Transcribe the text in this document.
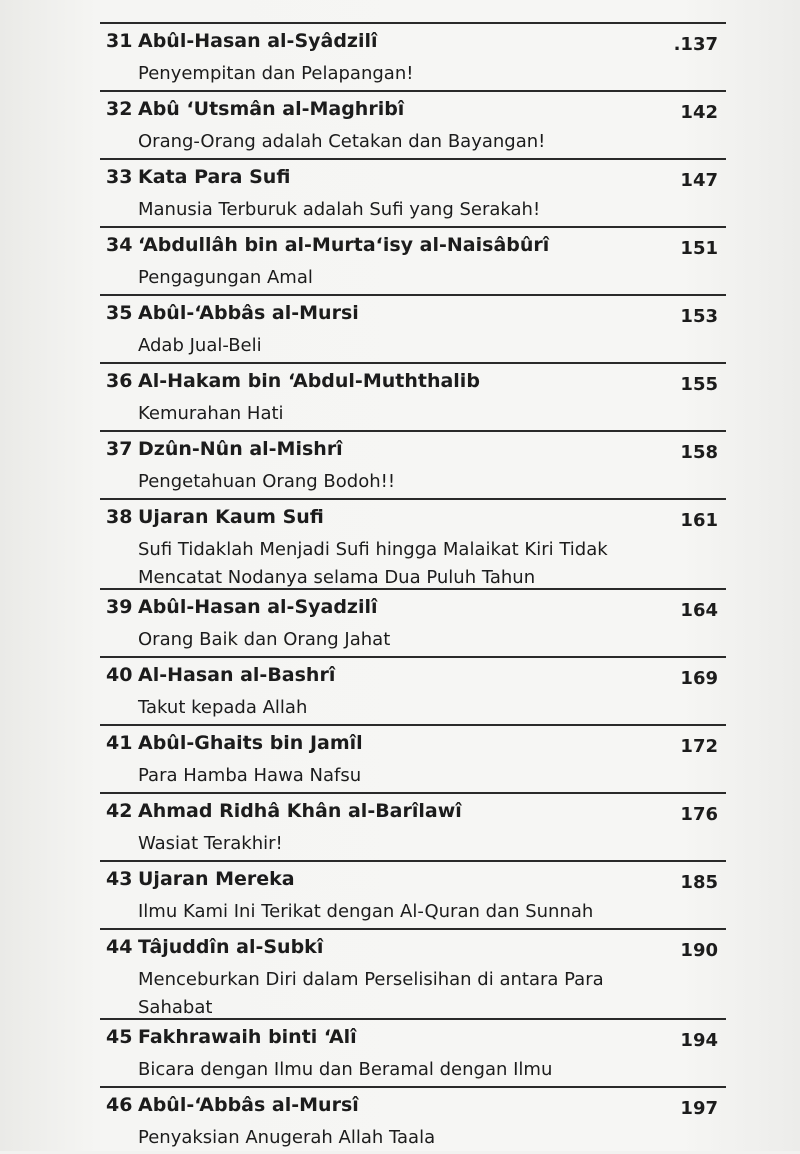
31 Abûl-Hasan al-Syâdzilî	.137
Penyempitan dan Pelapangan!
32 Abû ‘Utsmân al-Maghribî	142
Orang-Orang adalah Cetakan dan Bayangan!
33 Kata Para Sufi	147
Manusia Terburuk adalah Sufi yang Serakah!
34 ‘Abdullâh bin al-Murta‘isy al-Naisâbûrî	151
Pengagungan Amal
35 Abûl-‘Abbâs al-Mursi	153
Adab Jual-Beli
36 Al-Hakam bin ‘Abdul-Muththalib	155
Kemurahan Hati
37 Dzûn-Nûn al-Mishrî	158
Pengetahuan Orang Bodoh!!
38 Ujaran Kaum Sufi	161
Sufi Tidaklah Menjadi Sufi hingga Malaikat Kiri Tidak Mencatat Nodanya selama Dua Puluh Tahun
39 Abûl-Hasan al-Syadzilî	164
Orang Baik dan Orang Jahat
40 Al-Hasan al-Bashrî	169
Takut kepada Allah
41 Abûl-Ghaits bin Jamîl	172
Para Hamba Hawa Nafsu
42 Ahmad Ridhâ Khân al-Barîlawî	176
Wasiat Terakhir!
43 Ujaran Mereka	185
Ilmu Kami Ini Terikat dengan Al-Quran dan Sunnah
44 Tâjuddîn al-Subkî	190
Menceburkan Diri dalam Perselisihan di antara Para Sahabat
45 Fakhrawaih binti ‘Alî	194
Bicara dengan Ilmu dan Beramal dengan Ilmu
46 Abûl-‘Abbâs al-Mursî	197
Penyaksian Anugerah Allah Taala
